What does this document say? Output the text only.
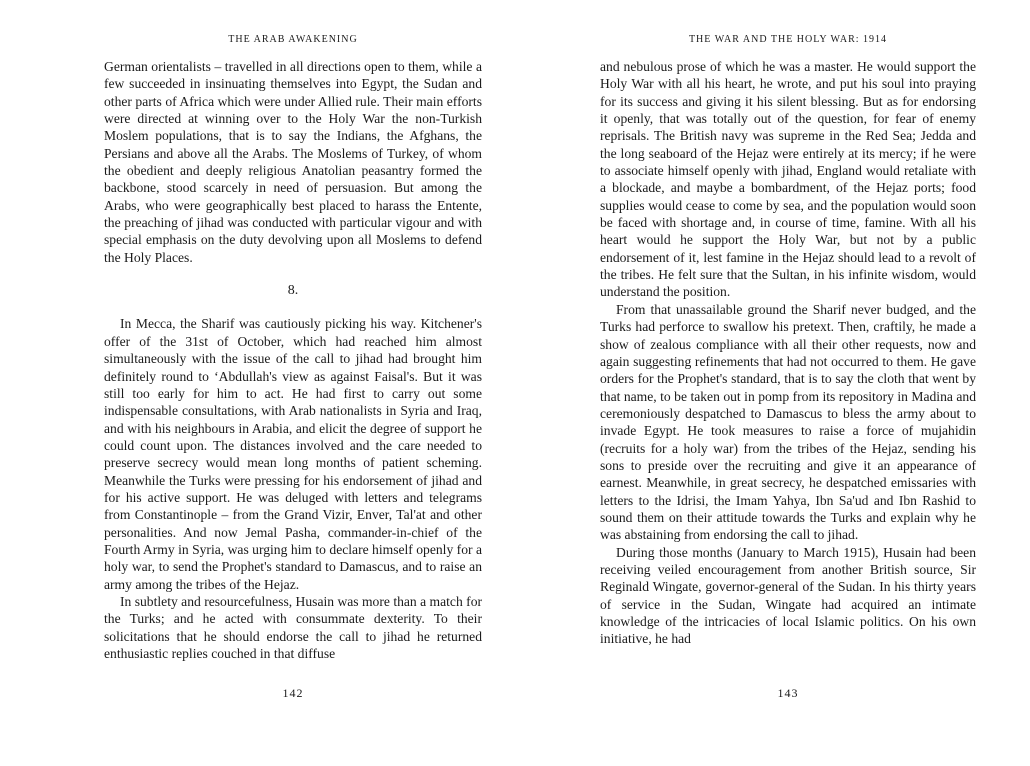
THE ARAB AWAKENING

German orientalists – travelled in all directions open to them, while a few succeeded in insinuating themselves into Egypt, the Sudan and other parts of Africa which were under Allied rule. Their main efforts were directed at winning over to the Holy War the non-Turkish Moslem populations, that is to say the Indians, the Afghans, the Persians and above all the Arabs. The Moslems of Turkey, of whom the obedient and deeply religious Anatolian peasantry formed the backbone, stood scarcely in need of persuasion. But among the Arabs, who were geographically best placed to harass the Entente, the preaching of jihad was conducted with particular vigour and with special emphasis on the duty devolving upon all Moslems to defend the Holy Places.

8.

In Mecca, the Sharif was cautiously picking his way. Kitchener's offer of the 31st of October, which had reached him almost simultaneously with the issue of the call to jihad had brought him definitely round to ‘Abdullah's view as against Faisal's. But it was still too early for him to act. He had first to carry out some indispensable consultations, with Arab nationalists in Syria and Iraq, and with his neighbours in Arabia, and elicit the degree of support he could count upon. The distances involved and the care needed to preserve secrecy would mean long months of patient scheming. Meanwhile the Turks were pressing for his endorsement of jihad and for his active support. He was deluged with letters and telegrams from Constantinople – from the Grand Vizir, Enver, Tal'at and other personalities. And now Jemal Pasha, commander-in-chief of the Fourth Army in Syria, was urging him to declare himself openly for a holy war, to send the Prophet's standard to Damascus, and to raise an army among the tribes of the Hejaz.

In subtlety and resourcefulness, Husain was more than a match for the Turks; and he acted with consummate dexterity. To their solicitations that he should endorse the call to jihad he returned enthusiastic replies couched in that diffuse

142
THE WAR AND THE HOLY WAR: 1914

and nebulous prose of which he was a master. He would support the Holy War with all his heart, he wrote, and put his soul into praying for its success and giving it his silent blessing. But as for endorsing it openly, that was totally out of the question, for fear of enemy reprisals. The British navy was supreme in the Red Sea; Jedda and the long seaboard of the Hejaz were entirely at its mercy; if he were to associate himself openly with jihad, England would retaliate with a blockade, and maybe a bombardment, of the Hejaz ports; food supplies would cease to come by sea, and the population would soon be faced with shortage and, in course of time, famine. With all his heart would he support the Holy War, but not by a public endorsement of it, lest famine in the Hejaz should lead to a revolt of the tribes. He felt sure that the Sultan, in his infinite wisdom, would understand the position.

From that unassailable ground the Sharif never budged, and the Turks had perforce to swallow his pretext. Then, craftily, he made a show of zealous compliance with all their other requests, now and again suggesting refinements that had not occurred to them. He gave orders for the Prophet's standard, that is to say the cloth that went by that name, to be taken out in pomp from its repository in Madina and ceremoniously despatched to Damascus to bless the army about to invade Egypt. He took measures to raise a force of mujahidin (recruits for a holy war) from the tribes of the Hejaz, sending his sons to preside over the recruiting and give it an appearance of earnest. Meanwhile, in great secrecy, he despatched emissaries with letters to the Idrisi, the Imam Yahya, Ibn Sa'ud and Ibn Rashid to sound them on their attitude towards the Turks and explain why he was abstaining from endorsing the call to jihad.

During those months (January to March 1915), Husain had been receiving veiled encouragement from another British source, Sir Reginald Wingate, governor-general of the Sudan. In his thirty years of service in the Sudan, Wingate had acquired an intimate knowledge of the intricacies of local Islamic politics. On his own initiative, he had

143
